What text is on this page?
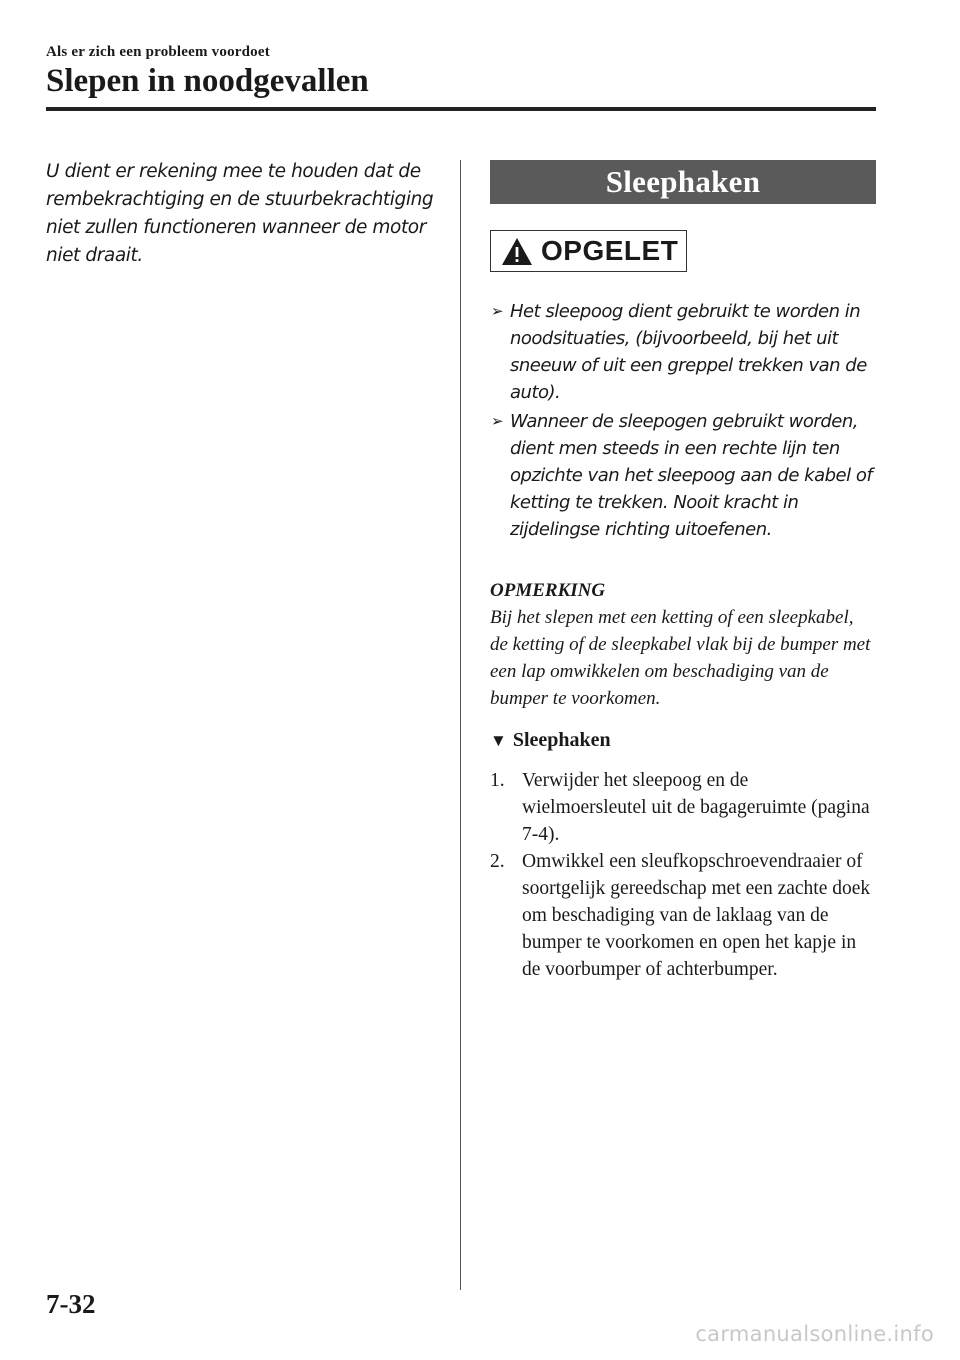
Als er zich een probleem voordoet
Slepen in noodgevallen

U dient er rekening mee te houden dat de rembekrachtiging en de stuurbekrachtiging niet zullen functioneren wanneer de motor niet draait.

Sleephaken
OPGELET
➢ Het sleepoog dient gebruikt te worden in noodsituaties, (bijvoorbeeld, bij het uit sneeuw of uit een greppel trekken van de auto).
➢ Wanneer de sleepogen gebruikt worden, dient men steeds in een rechte lijn ten opzichte van het sleepoog aan de kabel of ketting te trekken. Nooit kracht in zijdelingse richting uitoefenen.
OPMERKING

Bij het slepen met een ketting of een sleepkabel, de ketting of de sleepkabel vlak bij de bumper met een lap omwikkelen om beschadiging van de bumper te voorkomen.

▼ Sleephaken
1. Verwijder het sleepoog en de wielmoersleutel uit de bagageruimte (pagina 7-4).
2. Omwikkel een sleufkopschroevendraaier of soortgelijk gereedschap met een zachte doek om beschadiging van de laklaag van de bumper te voorkomen en open het kapje in de voorbumper of achterbumper.
7-32
carmanualsonline.info
